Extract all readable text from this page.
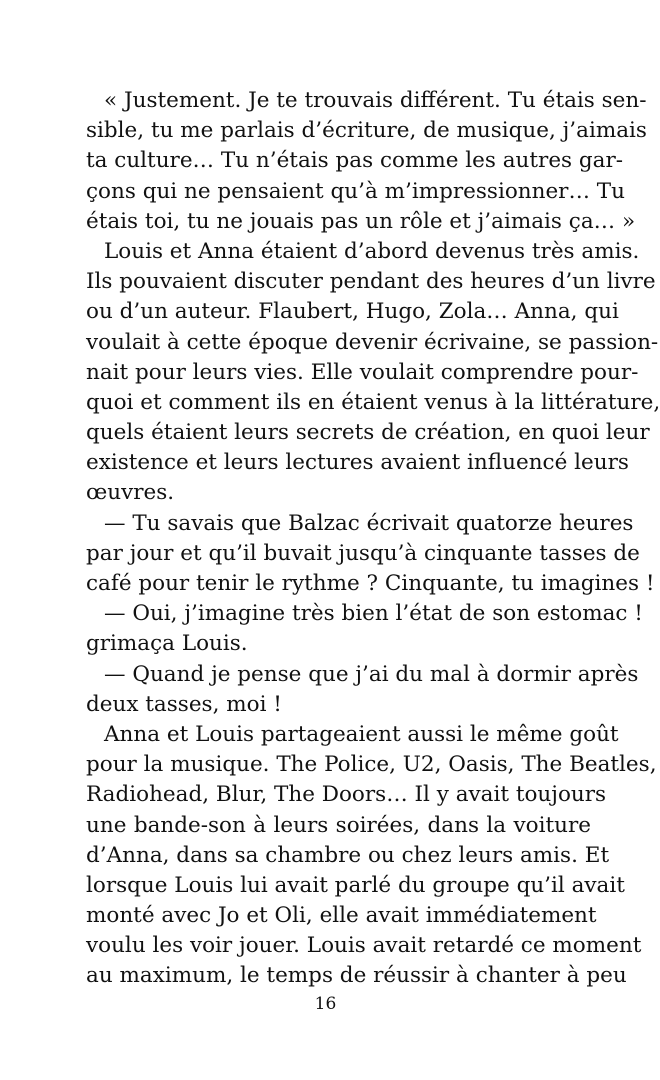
« Justement. Je te trouvais différent. Tu étais sen-
sible, tu me parlais d’écriture, de musique, j’aimais
ta culture… Tu n’étais pas comme les autres gar-
çons qui ne pensaient qu’à m’impressionner… Tu
étais toi, tu ne jouais pas un rôle et j’aimais ça… »
Louis et Anna étaient d’abord devenus très amis.
Ils pouvaient discuter pendant des heures d’un livre
ou d’un auteur. Flaubert, Hugo, Zola… Anna, qui
voulait à cette époque devenir écrivaine, se passion-
nait pour leurs vies. Elle voulait comprendre pour-
quoi et comment ils en étaient venus à la littérature,
quels étaient leurs secrets de création, en quoi leur
existence et leurs lectures avaient influencé leurs
œuvres.
— Tu savais que Balzac écrivait quatorze heures
par jour et qu’il buvait jusqu’à cinquante tasses de
café pour tenir le rythme ? Cinquante, tu imagines !
— Oui, j’imagine très bien l’état de son estomac !
grimaça Louis.
— Quand je pense que j’ai du mal à dormir après
deux tasses, moi !
Anna et Louis partageaient aussi le même goût
pour la musique. The Police, U2, Oasis, The Beatles,
Radiohead, Blur, The Doors… Il y avait toujours
une bande-son à leurs soirées, dans la voiture
d’Anna, dans sa chambre ou chez leurs amis. Et
lorsque Louis lui avait parlé du groupe qu’il avait
monté avec Jo et Oli, elle avait immédiatement
voulu les voir jouer. Louis avait retardé ce moment
au maximum, le temps de réussir à chanter à peu
16
